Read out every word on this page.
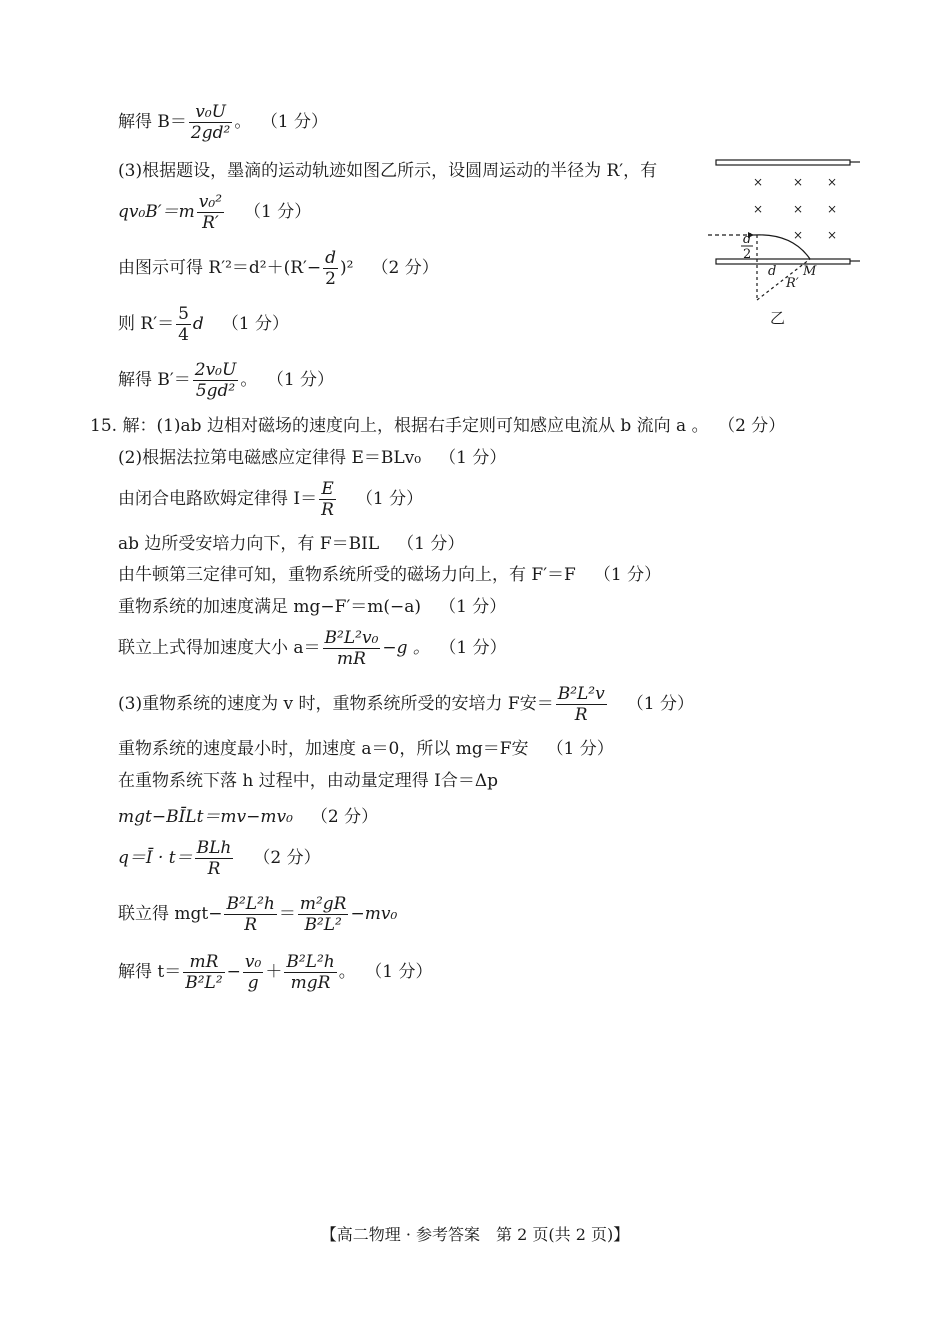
解得 $B= \frac{\text{v₀U}}{\text{2gd²}}$ 。 （1 分）
(3)根据题设，墨滴的运动轨迹如图乙所示，设圆周运动的半径为 R′，有
$qv_0B'=m \frac{\text{v₀²}}{R'} (1$ 分）
由图示可得 $R'^2=d^2+(R'- \frac{d}{2} )^2$ （2 分）
则 $R'= \frac{5}{4}$ d （1 分）
解得 $B'= \frac{\text{2v₀U}}{\text{5gd²}}$ 。 （1 分）
× × ×
× × ×
× ×
d
2
d M
R′
乙
15. 解：(1)ab 边相对磁场的速度向上，根据右手定则可知感应电流从 b 流向 a 。 （2 分）
(2)根据法拉第电磁感应定律得 E＝BLv₀ （1 分）
由闭合电路欧姆定律得 $I= \frac{E}{R} (1$ 分）
ab 边所受安培力向下，有 F＝BIL （1 分）
由牛顿第三定律可知，重物系统所受的磁场力向上，有 F′＝F （1 分）
重物系统的加速度满足 mg−F′＝m(−a) （1 分）
联立上式得加速度大小 $a= \frac{\text{B²L²v₀}}{mR} -g$ 。 （1 分）
(3)重物系统的速度为 v 时，重物系统所受的安培力 F安＝ $\frac{\text{B²L²v}}{R} (1$ 分）
重物系统的速度最小时，加速度 a＝0，所以 mg＝F安 （1 分）
在重物系统下落 h 过程中，由动量定理得 I合＝Δp
mgt−BĪLt＝mv−mv₀ （2 分）
q＝Ī · $t= \frac{\text{BLh}}{R} (2$ 分）
联立得 $mgt- \frac{\text{B²L²h}}{R} = \frac{\text{m²gR}}{\text{B²L²}} -mv_0$
解得 $t= \frac{mR}{\text{B²L²}} - \frac{\text{v₀}}{g} + \frac{\text{B²L²h}}{\text{mgR}}$ 。 （1 分）
【高二物理 · 参考答案　第 2 页(共 2 页)】
